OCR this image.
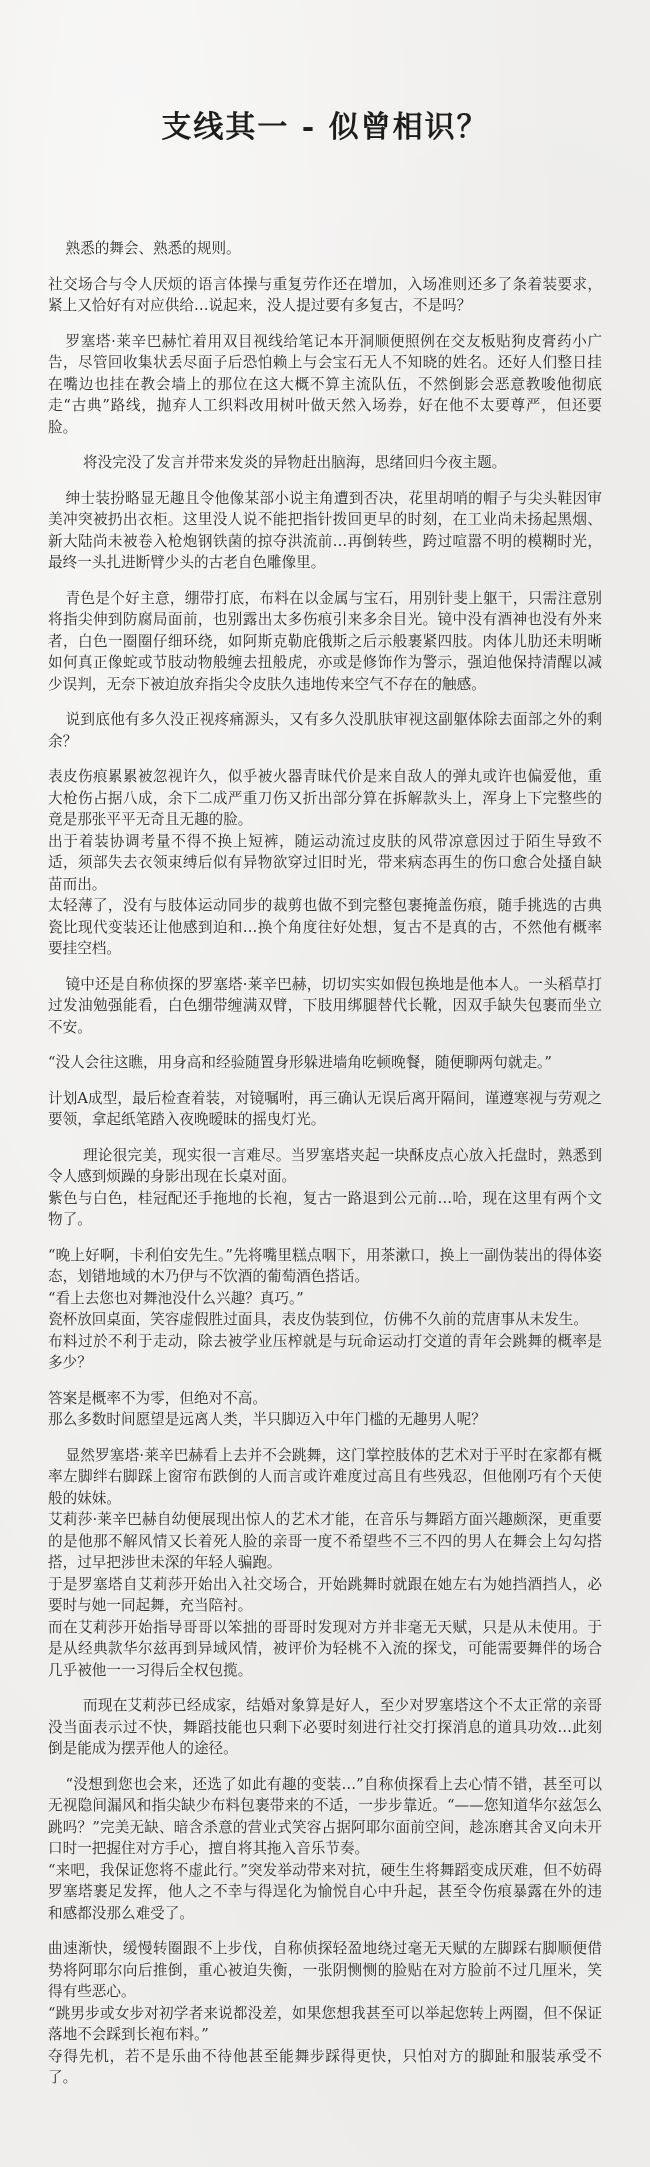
支线其一 - 似曾相识？

熟悉的舞会、熟悉的规则。

社交场合与令人厌烦的语言体操与重复劳作还在增加，入场准则还多了条着装要求，紧上又恰好有对应供给…说起来，没人提过要有多复古，不是吗？

罗塞塔·莱辛巴赫忙着用双目视线给笔记本开洞顺便照例在交友板贴狗皮膏药小广告，尽管回收集状丢尽面子后恐怕赖上与会宝石无人不知晓的姓名。还好人们整日挂在嘴边也挂在教会墙上的那位在这大概不算主流队伍，不然倒影会恶意教唆他彻底走“古典”路线，抛弃人工织料改用树叶做天然入场券，好在他不太要尊严，但还要脸。

将没完没了发言并带来发炎的异物赶出脑海，思绪回归今夜主题。

绅士装扮略显无趣且令他像某部小说主角遭到否决，花里胡哨的帽子与尖头鞋因审美冲突被扔出衣柜。这里没人说不能把指针拨回更早的时刻，在工业尚未扬起黑烟、新大陆尚未被卷入枪炮钢铁菌的掠夺洪流前…再倒转些，跨过喧嚣不明的模糊时光，最终一头扎进断臂少头的古老自色雕像里。

青色是个好主意，绷带打底，布料在以金属与宝石，用别针斐上躯干，只需注意别将指尖伸到防腐局面前，也别露出太多伤痕引来多余目光。镜中没有酒神也没有外来者，白色一圈圈仔细环绕，如阿斯克勒庇俄斯之后示般裹紧四肢。肉体儿肋还未明晰如何真正像蛇或节肢动物般缠去扭般虎，亦或是修饰作为警示，强迫他保持清醒以减少误判，无奈下被迫放弃指尖令皮肤久违地传来空气不存在的触感。

说到底他有多久没正视疼痛源头，又有多久没肌肤审视这副躯体除去面部之外的剩余？

表皮伤痕累累被忽视许久，似乎被火器青昧代价是来自敌人的弹丸或许也偏爱他，重大枪伤占据八成，余下二成严重刀伤又折出部分算在拆解款头上，浑身上下完整些的竟是那张平平无奇且无趣的脸。

出于着装协调考量不得不换上短裤，随运动流过皮肤的风带凉意因过于陌生导致不适，须部失去衣领束缚后似有异物欲穿过旧时光，带来病态再生的伤口愈合处搔自缺苗而出。

太轻薄了，没有与肢体运动同步的裁剪也做不到完整包裹掩盖伤痕，随手挑选的古典瓷比现代变装还让他感到迫和…换个角度往好处想，复古不是真的古，不然他有概率要挂空档。

镜中还是自称侦探的罗塞塔·莱辛巴赫，切切实实如假包换地是他本人。一头稻草打过发油勉强能看，白色绷带缠满双臂，下肢用绑腿替代长靴，因双手缺失包裹而坐立不安。

“没人会往这瞧，用身高和经验随置身形躲进墙角吃顿晚餐，随便聊两句就走。”

计划A成型，最后检查着装，对镜嘱咐，再三确认无误后离开隔间，谨遵寒视与劳观之要领，拿起纸笔踏入夜晚暧昧的摇曳灯光。

理论很完美，现实很一言难尽。当罗塞塔夹起一块酥皮点心放入托盘时，熟悉到令人感到烦躁的身影出现在长桌对面。

紫色与白色，桂冠配还手拖地的长袍，复古一路退到公元前…哈，现在这里有两个文物了。

“晚上好啊，卡利伯安先生。”先将嘴里糕点咽下，用茶漱口，换上一副伪装出的得体姿态，划错地域的木乃伊与不饮酒的葡萄酒色搭话。

“看上去您也对舞池没什么兴趣？真巧。”

瓷杯放回桌面，笑容虚假胜过面具，表皮伪装到位，仿佛不久前的荒唐事从未发生。

布料过於不利于走动，除去被学业压榨就是与玩命运动打交道的青年会跳舞的概率是多少？

答案是概率不为零，但绝对不高。

那么多数时间愿望是远离人类，半只脚迈入中年门槛的无趣男人呢？

显然罗塞塔·莱辛巴赫看上去并不会跳舞，这门掌控肢体的艺术对于平时在家都有概率左脚绊右脚踩上窗帘布跌倒的人而言或许难度过高且有些残忍，但他刚巧有个天使般的妹妹。

艾莉莎·莱辛巴赫自幼便展现出惊人的艺术才能，在音乐与舞蹈方面兴趣颇深，更重要的是他那不解风情又长着死人脸的亲哥一度不希望些不三不四的男人在舞会上勾勾搭搭，过早把涉世未深的年轻人骗跑。

于是罗塞塔自艾莉莎开始出入社交场合，开始跳舞时就跟在她左右为她挡酒挡人，必要时与她一同起舞，充当陪衬。

而在艾莉莎开始指导哥哥以笨拙的哥哥时发现对方并非毫无天赋，只是从未使用。于是从经典款华尔兹再到异域风情，被评价为轻桃不入流的探戈，可能需要舞伴的场合几乎被他一一习得后全权包揽。

而现在艾莉莎已经成家，结婚对象算是好人，至少对罗塞塔这个不太正常的亲哥没当面表示过不快，舞蹈技能也只剩下必要时刻进行社交打探消息的道具功效…此刻倒是能成为摆弄他人的途径。

“没想到您也会来，还选了如此有趣的变装…”自称侦探看上去心情不错，甚至可以无视隐间漏风和指尖缺少布料包裹带来的不适，一步步靠近。“——您知道华尔兹怎么跳吗？”完美无缺、暗含杀意的营业式笑容占据阿耶尔面前空间，趁冻磨其舍叉向未开口时一把握住对方手心，擅自将其拖入音乐节奏。

“来吧，我保证您将不虚此行。”突发举动带来对抗，硬生生将舞蹈变成厌难，但不妨碍罗塞塔裹足发挥，他人之不幸与得逞化为愉悦自心中升起，甚至令伤痕暴露在外的违和感都没那么难受了。

曲速渐快，缓慢转圈跟不上步伐，自称侦探轻盈地绕过毫无天赋的左脚踩右脚顺便借势将阿耶尔向后推倒，重心被迫失衡，一张阴恻恻的脸贴在对方脸前不过几厘米，笑得有些恶心。

“跳男步或女步对初学者来说都没差，如果您想我甚至可以举起您转上两圈，但不保证落地不会踩到长袍布料。”

夺得先机，若不是乐曲不待他甚至能舞步踩得更快，只怕对方的脚趾和服装承受不了。
